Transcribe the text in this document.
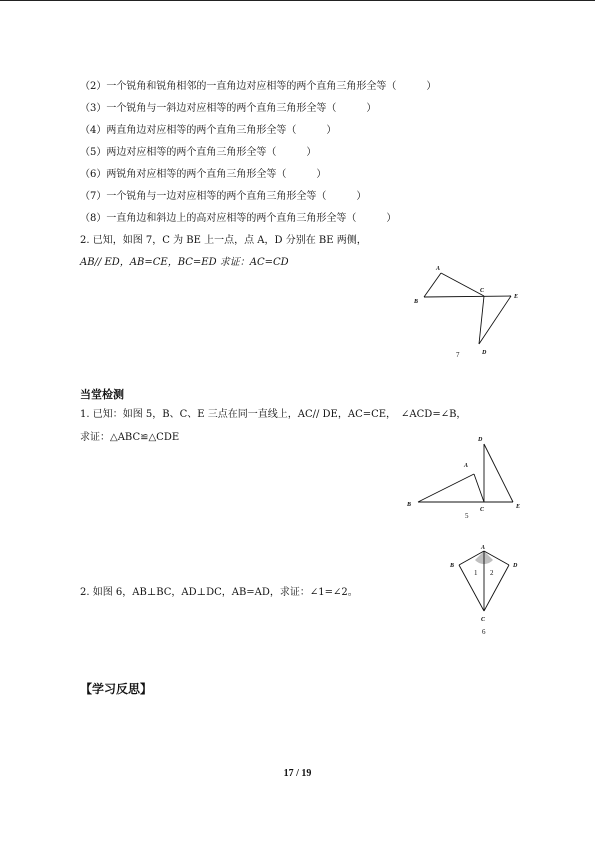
（2）一个锐角和锐角相邻的一直角边对应相等的两个直角三角形全等（　　　）
（3）一个锐角与一斜边对应相等的两个直角三角形全等（　　　）
（4）两直角边对应相等的两个直角三角形全等（　　　）
（5）两边对应相等的两个直角三角形全等（　　　）
（6）两锐角对应相等的两个直角三角形全等（　　　）
（7）一个锐角与一边对应相等的两个直角三角形全等（　　　）
（8）一直角边和斜边上的高对应相等的两个直角三角形全等（　　　）
2. 已知，如图 7，C 为 BE 上一点，点 A，D 分别在 BE 两侧，
AB// ED，AB=CE，BC=ED 求证：AC=CD
A
B
C
E
D
7
当堂检测
1. 已知：如图 5，B、C、E 三点在同一直线上，AC// DE，AC=CE，　∠ACD=∠B，
求证：△ABC≌△CDE	D
A
B
C	E
5
2. 如图 6，AB⊥BC，AD⊥DC，AB=AD，求证：∠1=∠2。
A
B	D
C
1 2
6
【学习反思】
17 / 19
